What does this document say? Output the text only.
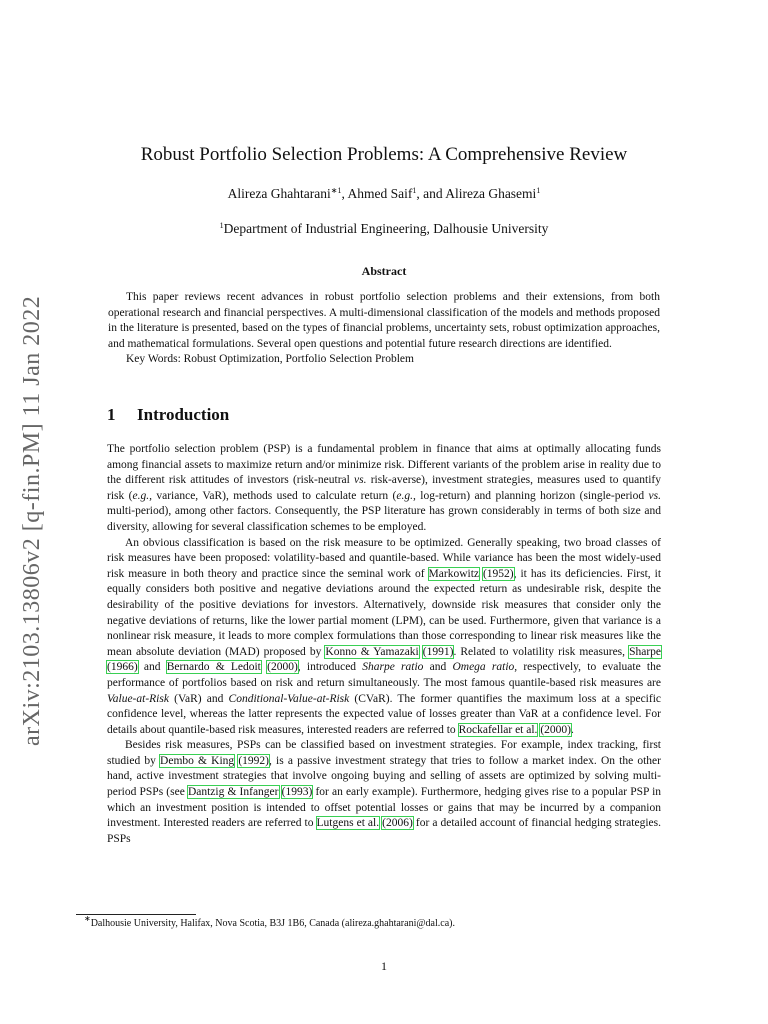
arXiv:2103.13806v2 [q-fin.PM] 11 Jan 2022
Robust Portfolio Selection Problems: A Comprehensive Review
Alireza Ghahtarani$^{∗1}$, Ahmed Saif$^1$, and Alireza Ghasemi$^1$
$^1$Department of Industrial Engineering, Dalhousie University
Abstract

This paper reviews recent advances in robust portfolio selection problems and their extensions, from both operational research and financial perspectives. A multi-dimensional classification of the models and methods proposed in the literature is presented, based on the types of financial problems, uncertainty sets, robust optimization approaches, and mathematical formulations. Several open questions and potential future research directions are identified.

Key Words: Robust Optimization, Portfolio Selection Problem

1 Introduction

The portfolio selection problem (PSP) is a fundamental problem in finance that aims at optimally allocating funds among financial assets to maximize return and/or minimize risk. Different variants of the problem arise in reality due to the different risk attitudes of investors (risk-neutral vs. risk-averse), investment strategies, measures used to quantify risk (e.g., variance, VaR), methods used to calculate return (e.g., log-return) and planning horizon (single-period vs. multi-period), among other factors. Consequently, the PSP literature has grown considerably in terms of both size and diversity, allowing for several classification schemes to be employed.

An obvious classification is based on the risk measure to be optimized. Generally speaking, two broad classes of risk measures have been proposed: volatility-based and quantile-based. While variance has been the most widely-used risk measure in both theory and practice since the seminal work of Markowitz (1952), it has its deficiencies. First, it equally considers both positive and negative deviations around the expected return as undesirable risk, despite the desirability of the positive deviations for investors. Alternatively, downside risk measures that consider only the negative deviations of returns, like the lower partial moment (LPM), can be used. Furthermore, given that variance is a nonlinear risk measure, it leads to more complex formulations than those corresponding to linear risk measures like the mean absolute deviation (MAD) proposed by Konno & Yamazaki (1991). Related to volatility risk measures, Sharpe (1966) and Bernardo & Ledoit (2000), introduced Sharpe ratio and Omega ratio, respectively, to evaluate the performance of portfolios based on risk and return simultaneously. The most famous quantile-based risk measures are Value-at-Risk (VaR) and Conditional-Value-at-Risk (CVaR). The former quantifies the maximum loss at a specific confidence level, whereas the latter represents the expected value of losses greater than VaR at a confidence level. For details about quantile-based risk measures, interested readers are referred to Rockafellar et al. (2000).

Besides risk measures, PSPs can be classified based on investment strategies. For example, index tracking, first studied by Dembo & King (1992), is a passive investment strategy that tries to follow a market index. On the other hand, active investment strategies that involve ongoing buying and selling of assets are optimized by solving multi-period PSPs (see Dantzig & Infanger (1993) for an early example). Furthermore, hedging gives rise to a popular PSP in which an investment position is intended to offset potential losses or gains that may be incurred by a companion investment. Interested readers are referred to Lutgens et al. (2006) for a detailed account of financial hedging strategies. PSPs

∗Dalhousie University, Halifax, Nova Scotia, B3J 1B6, Canada (alireza.ghahtarani@dal.ca).
1
